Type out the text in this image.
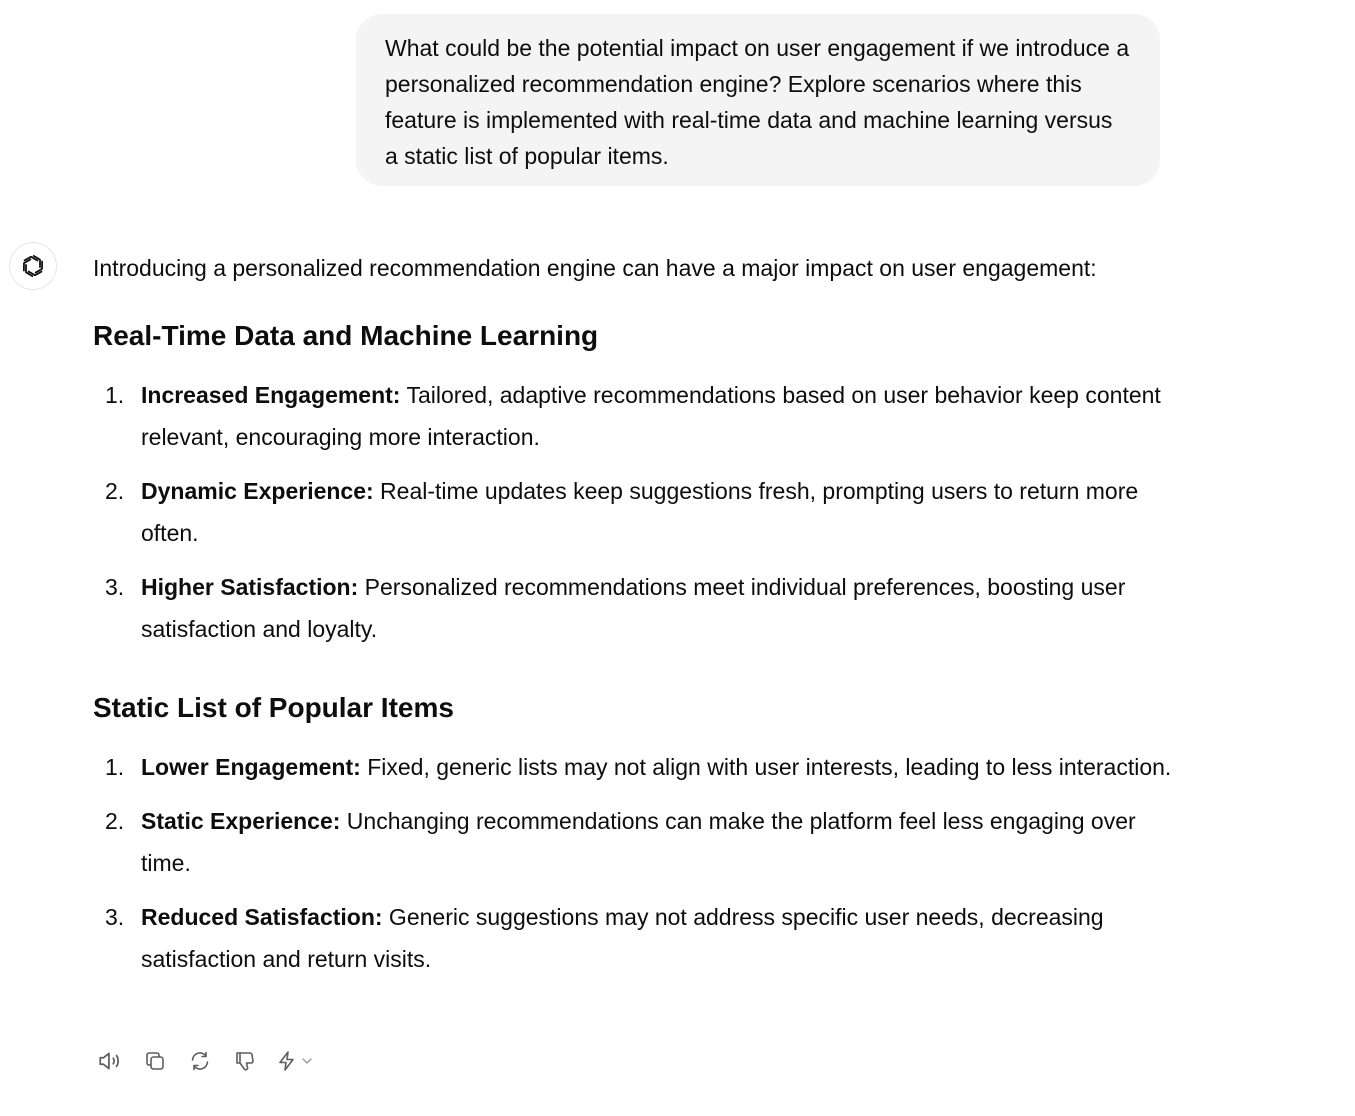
What could be the potential impact on user engagement if we introduce a personalized recommendation engine? Explore scenarios where this feature is implemented with real-time data and machine learning versus a static list of popular items.

Introducing a personalized recommendation engine can have a major impact on user engagement:

Real-Time Data and Machine Learning
1. Increased Engagement: Tailored, adaptive recommendations based on user behavior keep content relevant, encouraging more interaction.
2. Dynamic Experience: Real-time updates keep suggestions fresh, prompting users to return more often.
3. Higher Satisfaction: Personalized recommendations meet individual preferences, boosting user satisfaction and loyalty.
Static List of Popular Items
1. Lower Engagement: Fixed, generic lists may not align with user interests, leading to less interaction.
2. Static Experience: Unchanging recommendations can make the platform feel less engaging over time.
3. Reduced Satisfaction: Generic suggestions may not address specific user needs, decreasing satisfaction and return visits.
